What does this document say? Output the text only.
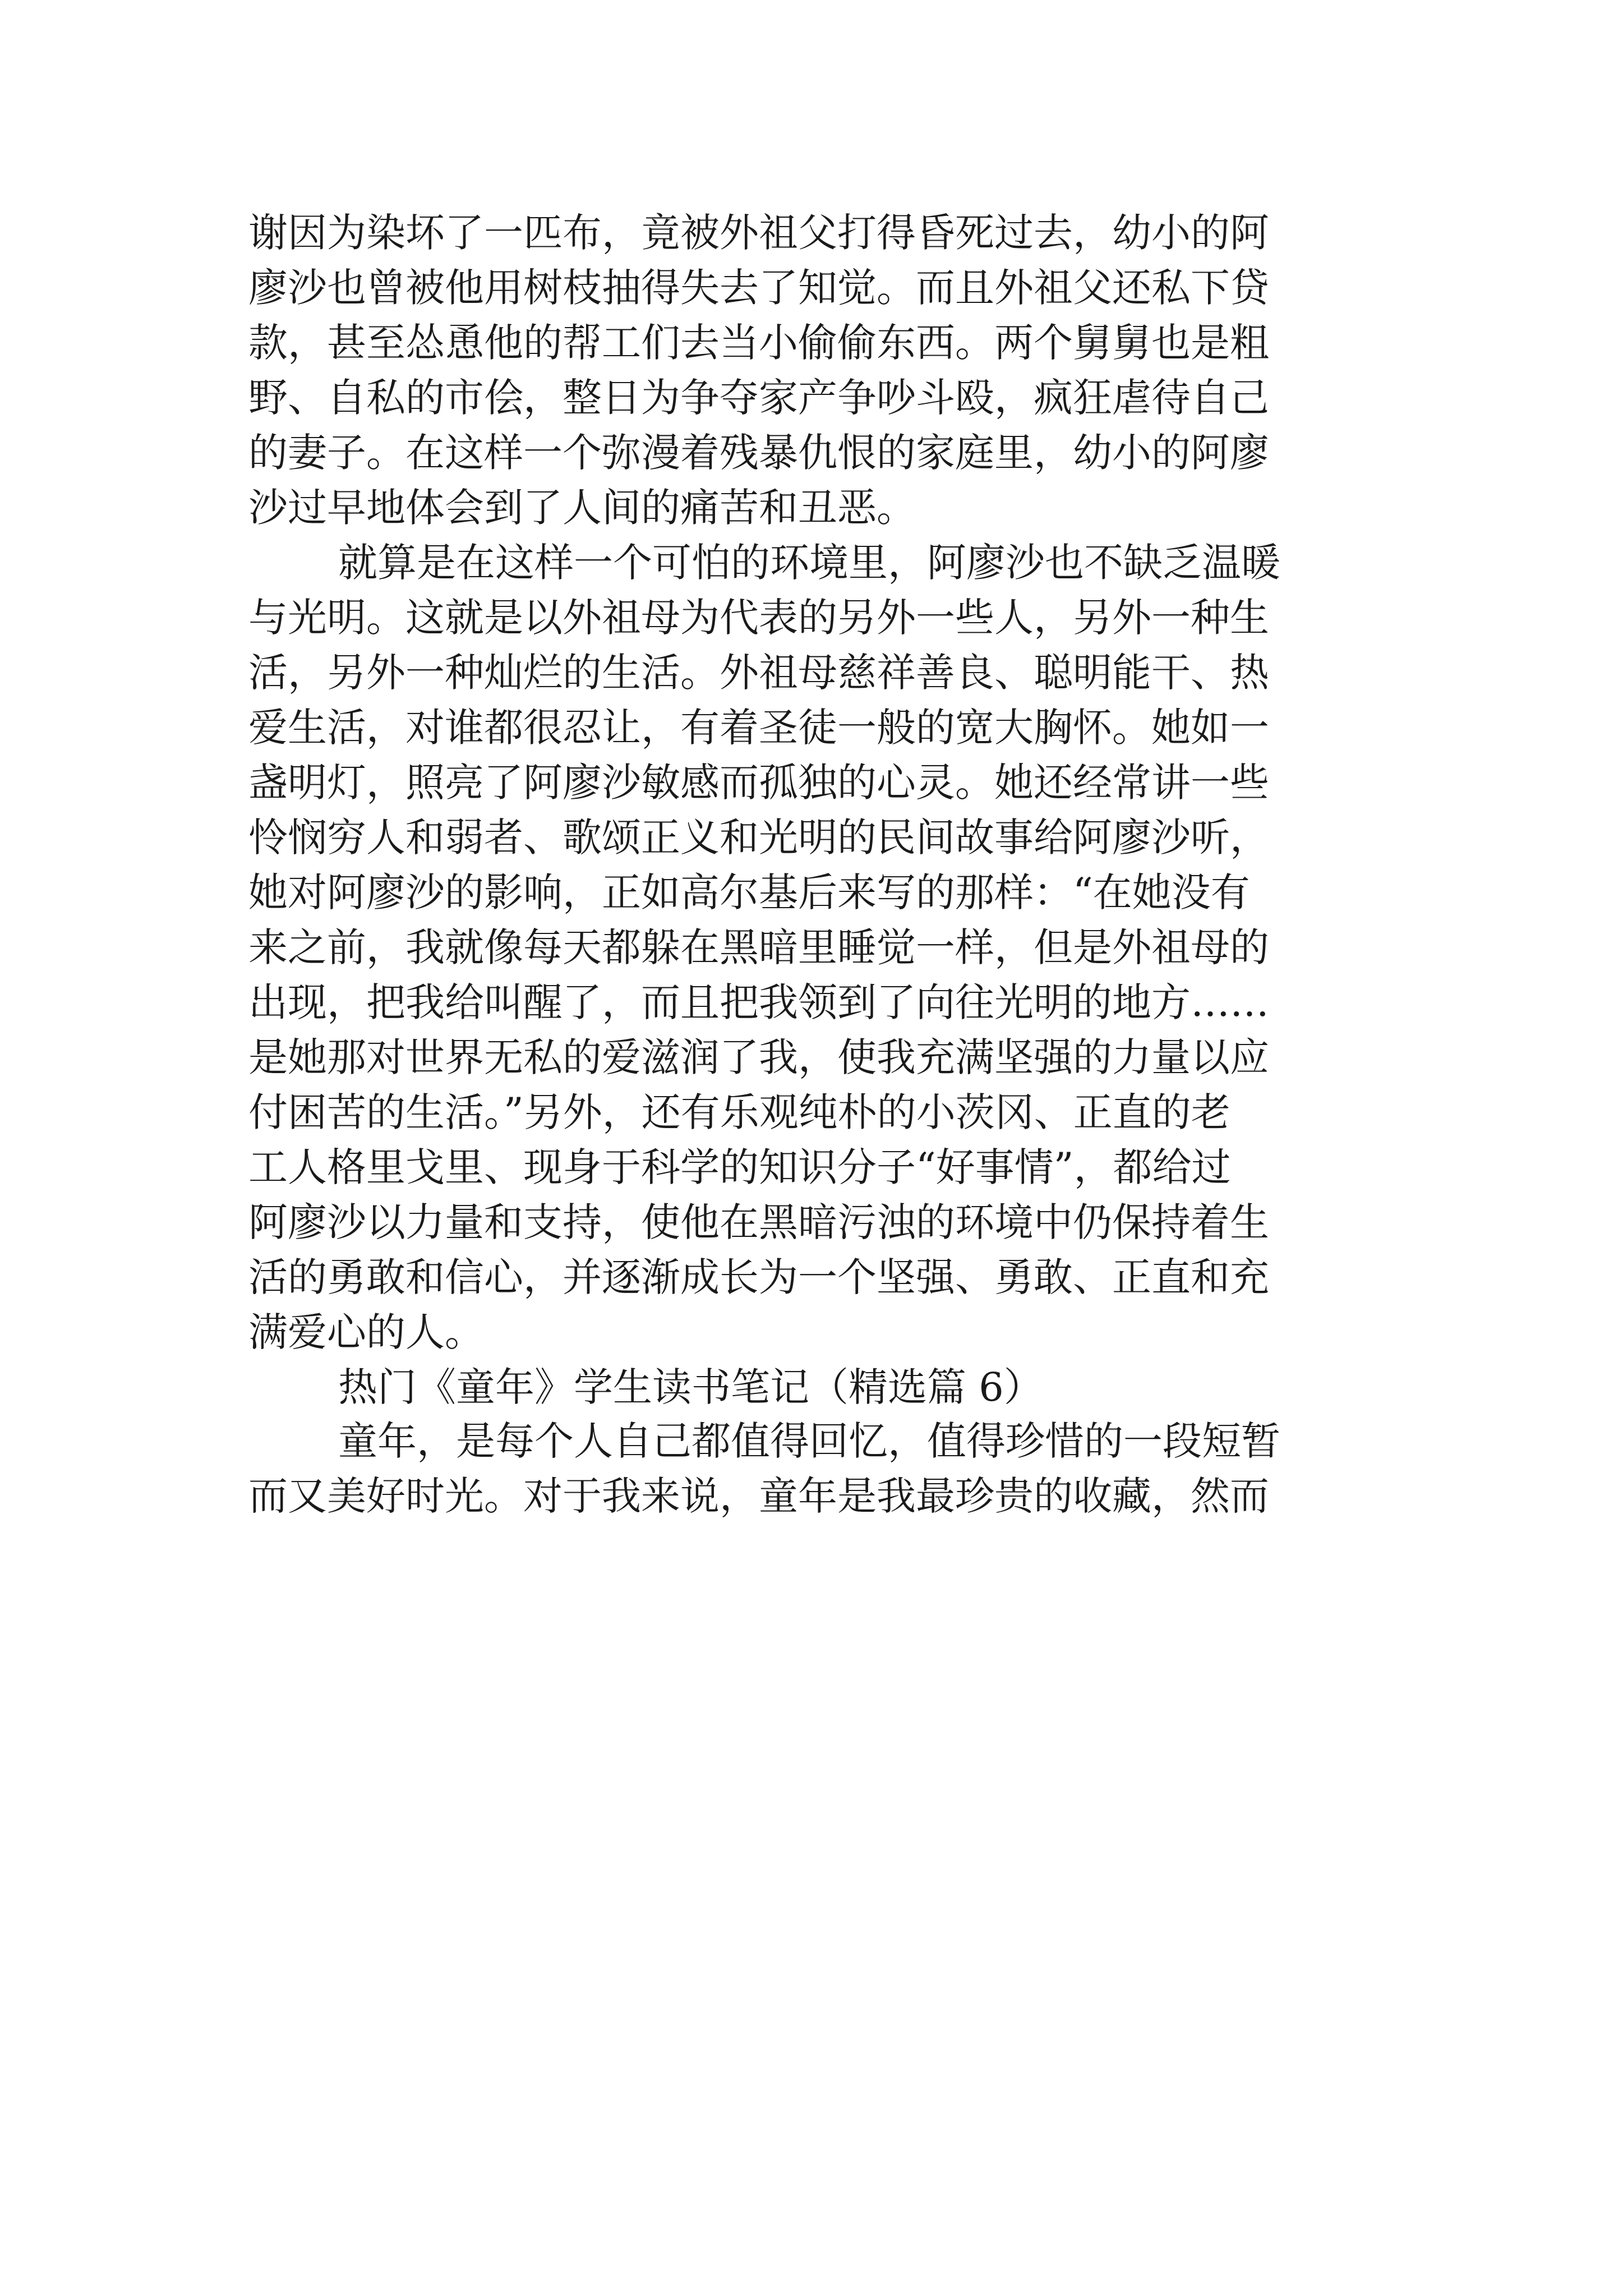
谢因为染坏了一匹布，竟被外祖父打得昏死过去，幼小的阿
廖沙也曾被他用树枝抽得失去了知觉。而且外祖父还私下贷
款，甚至怂恿他的帮工们去当小偷偷东西。两个舅舅也是粗
野、自私的市侩，整日为争夺家产争吵斗殴，疯狂虐待自己
的妻子。在这样一个弥漫着残暴仇恨的家庭里，幼小的阿廖
沙过早地体会到了人间的痛苦和丑恶。
就算是在这样一个可怕的环境里，阿廖沙也不缺乏温暖
与光明。这就是以外祖母为代表的另外一些人，另外一种生
活，另外一种灿烂的生活。外祖母慈祥善良、聪明能干、热
爱生活，对谁都很忍让，有着圣徒一般的宽大胸怀。她如一
盏明灯，照亮了阿廖沙敏感而孤独的心灵。她还经常讲一些
怜悯穷人和弱者、歌颂正义和光明的民间故事给阿廖沙听，
她对阿廖沙的影响，正如高尔基后来写的那样：“在她没有
来之前，我就像每天都躲在黑暗里睡觉一样，但是外祖母的
出现，把我给叫醒了，而且把我领到了向往光明的地方……
是她那对世界无私的爱滋润了我，使我充满坚强的力量以应
付困苦的生活。”另外，还有乐观纯朴的小茨冈、正直的老
工人格里戈里、现身于科学的知识分子“好事情”，都给过
阿廖沙以力量和支持，使他在黑暗污浊的环境中仍保持着生
活的勇敢和信心，并逐渐成长为一个坚强、勇敢、正直和充
满爱心的人。
热门《童年》学生读书笔记（精选篇 6）
童年，是每个人自己都值得回忆，值得珍惜的一段短暂
而又美好时光。对于我来说，童年是我最珍贵的收藏，然而
